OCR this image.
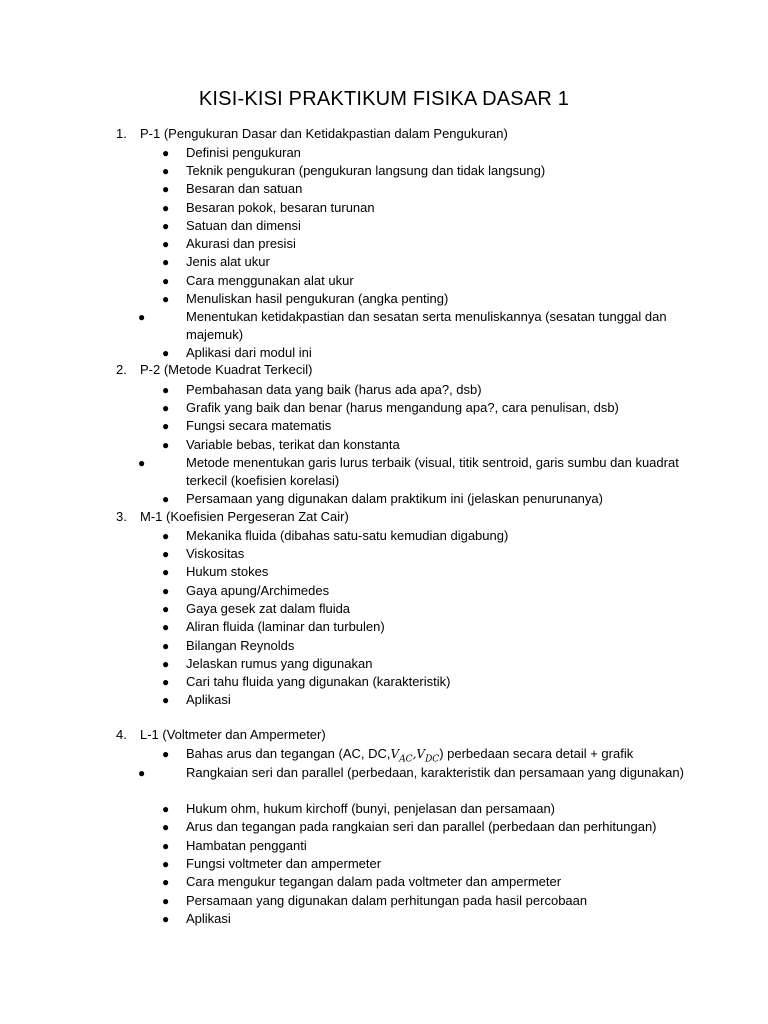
KISI-KISI PRAKTIKUM FISIKA DASAR 1
1. P-1 (Pengukuran Dasar dan Ketidakpastian dalam Pengukuran)
● Definisi pengukuran
● Teknik pengukuran (pengukuran langsung dan tidak langsung)
● Besaran dan satuan
● Besaran pokok, besaran turunan
● Satuan dan dimensi
● Akurasi dan presisi
● Jenis alat ukur
● Cara menggunakan alat ukur
● Menuliskan hasil pengukuran (angka penting)
●	Menentukan ketidakpastian dan sesatan serta menuliskannya (sesatan tunggal dan majemuk)
● Aplikasi dari modul ini
2. P-2 (Metode Kuadrat Terkecil)
● Pembahasan data yang baik (harus ada apa?, dsb)
● Grafik yang baik dan benar (harus mengandung apa?, cara penulisan, dsb)
● Fungsi secara matematis
● Variable bebas, terikat dan konstanta
●	Metode menentukan garis lurus terbaik (visual, titik sentroid, garis sumbu dan kuadrat terkecil (koefisien korelasi)
● Persamaan yang digunakan dalam praktikum ini (jelaskan penurunanya)
3. M-1 (Koefisien Pergeseran Zat Cair)
● Mekanika fluida (dibahas satu-satu kemudian digabung)
● Viskositas
● Hukum stokes
● Gaya apung/Archimedes
● Gaya gesek zat dalam fluida
● Aliran fluida (laminar dan turbulen)
● Bilangan Reynolds
● Jelaskan rumus yang digunakan
● Cari tahu fluida yang digunakan (karakteristik)
● Aplikasi
4. L-1 (Voltmeter dan Ampermeter)
● Bahas arus dan tegangan (AC, $DC,V_{AC},V_{DC}$) perbedaan secara detail + grafik
●	Rangkaian seri dan parallel (perbedaan, karakteristik dan persamaan yang digunakan)
● Hukum ohm, hukum kirchoff (bunyi, penjelasan dan persamaan)
● Arus dan tegangan pada rangkaian seri dan parallel (perbedaan dan perhitungan)
● Hambatan pengganti
● Fungsi voltmeter dan ampermeter
● Cara mengukur tegangan dalam pada voltmeter dan ampermeter
● Persamaan yang digunakan dalam perhitungan pada hasil percobaan
● Aplikasi
